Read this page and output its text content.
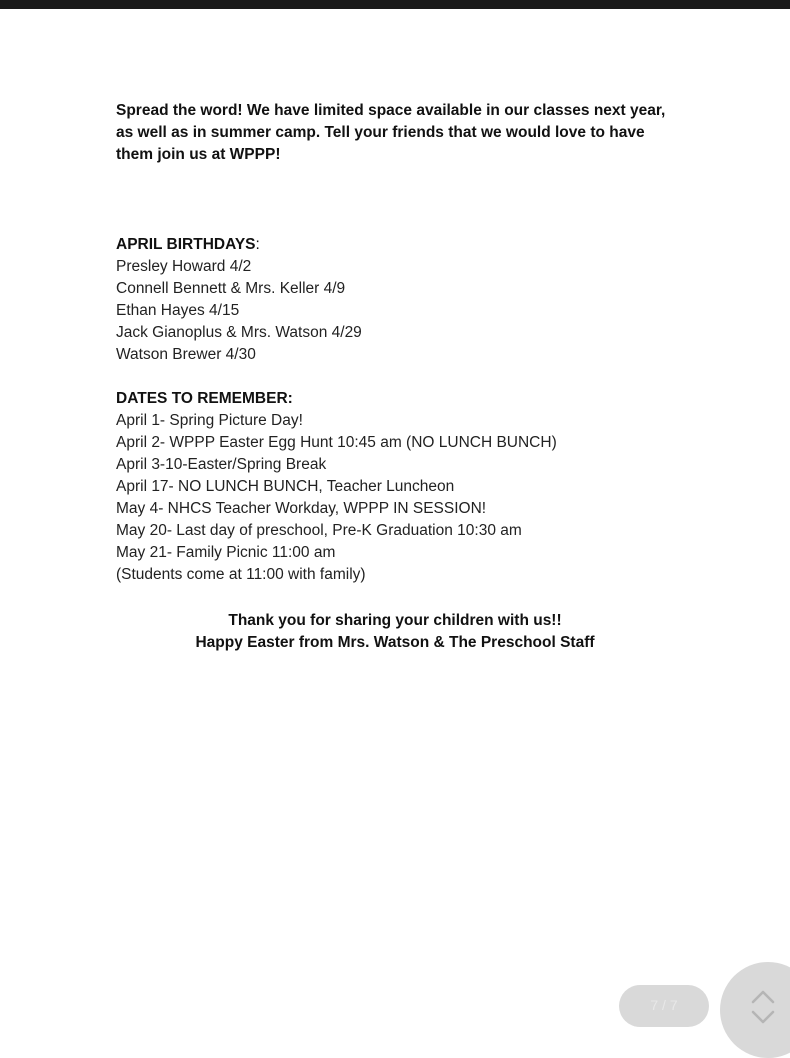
Spread the word! We have limited space available in our classes next year,
as well as in summer camp. Tell your friends that we would love to have
them join us at WPPP!

APRIL BIRTHDAYS:

Presley Howard 4/2
Connell Bennett & Mrs. Keller 4/9
Ethan Hayes 4/15
Jack Gianoplus & Mrs. Watson 4/29
Watson Brewer 4/30

DATES TO REMEMBER:

April 1- Spring Picture Day!
April 2- WPPP Easter Egg Hunt 10:45 am (NO LUNCH BUNCH)
April 3-10-Easter/Spring Break
April 17- NO LUNCH BUNCH, Teacher Luncheon
May 4- NHCS Teacher Workday, WPPP IN SESSION!
May 20- Last day of preschool, Pre-K Graduation 10:30 am
May 21- Family Picnic 11:00 am
(Students come at 11:00 with family)
Thank you for sharing your children with us!!
Happy Easter from Mrs. Watson & The Preschool Staff
7 / 7
